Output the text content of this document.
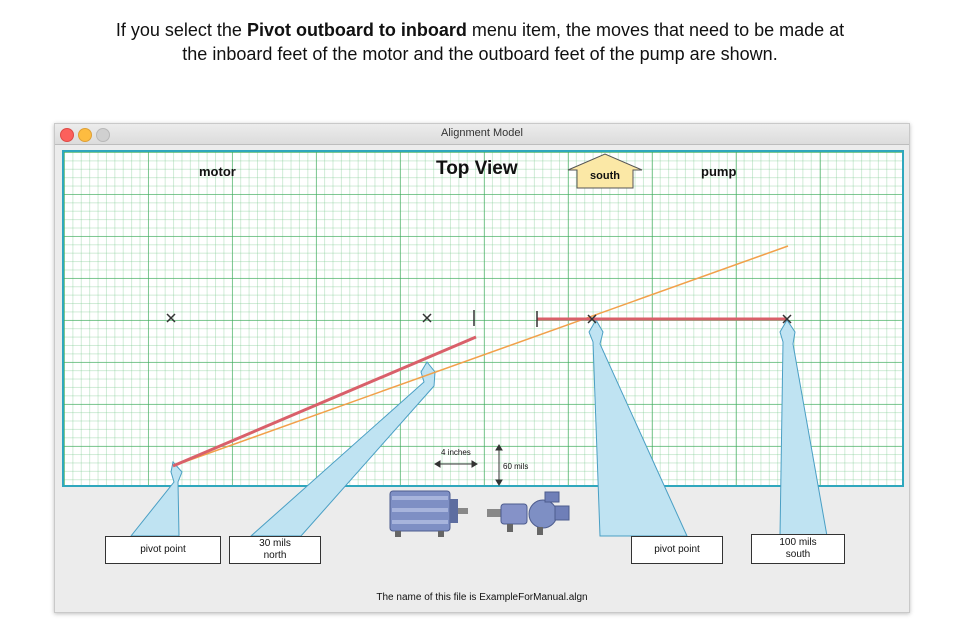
If you select the Pivot outboard to inboard menu item, the moves that need to be made at
the inboard feet of the motor and the outboard feet of the pump are shown.
Alignment Model
motor	Top View	south	pump
4 inches
60 mils
pivot point
30 mils
north
pivot point
100 mils
south
The name of this file is ExampleForManual.algn
